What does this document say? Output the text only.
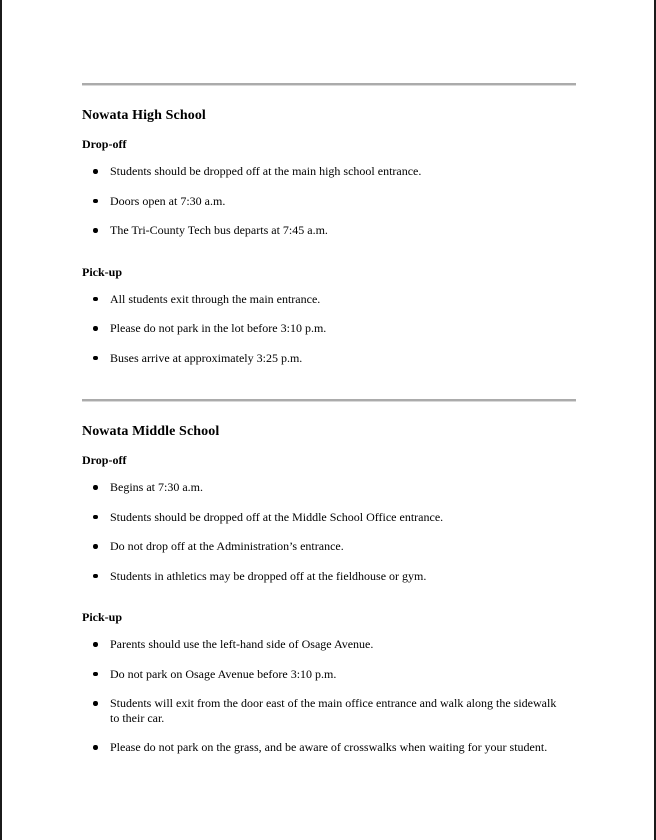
Nowata High School
Drop-off
Students should be dropped off at the main high school entrance.
Doors open at 7:30 a.m.
The Tri-County Tech bus departs at 7:45 a.m.
Pick-up
All students exit through the main entrance.
Please do not park in the lot before 3:10 p.m.
Buses arrive at approximately 3:25 p.m.
Nowata Middle School
Drop-off
Begins at 7:30 a.m.
Students should be dropped off at the Middle School Office entrance.
Do not drop off at the Administration’s entrance.
Students in athletics may be dropped off at the fieldhouse or gym.
Pick-up
Parents should use the left-hand side of Osage Avenue.
Do not park on Osage Avenue before 3:10 p.m.
Students will exit from the door east of the main office entrance and walk along the sidewalk to their car.
Please do not park on the grass, and be aware of crosswalks when waiting for your student.
